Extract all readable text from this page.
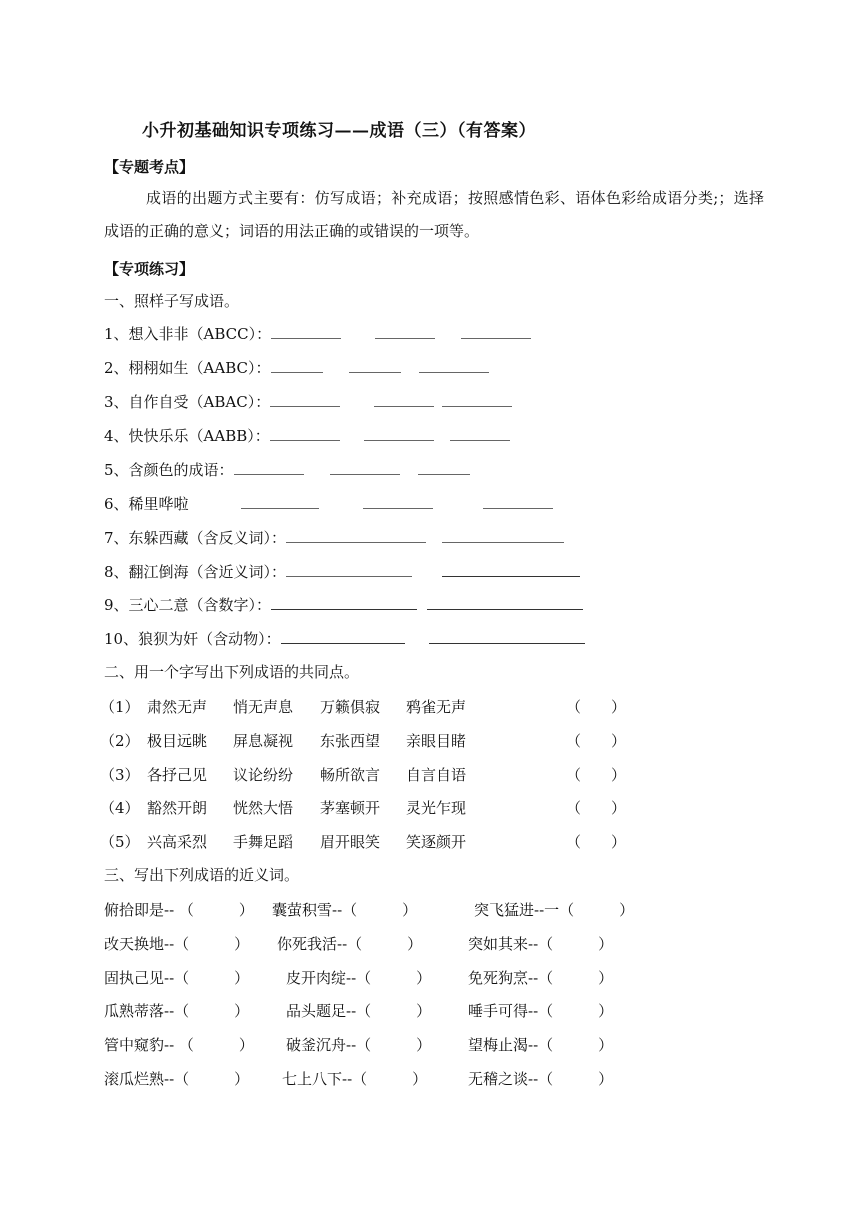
小升初基础知识专项练习——成语（三）（有答案）
【专题考点】
成语的出题方式主要有：仿写成语；补充成语；按照感情色彩、语体色彩给成语分类;；选择成语的正确的意义；词语的用法正确的或错误的一项等。
【专项练习】
一、照样子写成语。
1、想入非非（ABCC）：
2、栩栩如生（AABC）：
3、自作自受（ABAC）：
4、快快乐乐（AABB）：
5、含颜色的成语：
6、稀里哗啦
7、东躲西藏（含反义词）：
8、翻江倒海（含近义词）：
9、三心二意（含数字）：
10、狼狈为奸（含动物）：
二、用一个字写出下列成语的共同点。
（1） 肃然无声 悄无声息 万籁俱寂 鸦雀无声	（　　）
（2） 极目远眺 屏息凝视 东张西望 亲眼目睹	（　　）
（3） 各抒己见 议论纷纷 畅所欲言 自言自语	（　　）
（4） 豁然开朗 恍然大悟 茅塞顿开 灵光乍现	（　　）
（5） 兴高采烈 手舞足蹈 眉开眼笑 笑逐颜开	（　　）
三、写出下列成语的近义词。
俯拾即是-- （　　　） 囊萤积雪--（　　　）	突飞猛进--一（　　　）
改天换地--（　　　） 你死我活--（　　　）	突如其来--（　　　）
固执己见--（　　　） 皮开肉绽--（　　　） 免死狗烹--（　　　）
瓜熟蒂落--（　　　） 品头题足--（　　　） 唾手可得--（　　　）
管中窥豹-- （　　　） 破釜沉舟--（　　　） 望梅止渴--（　　　）
滚瓜烂熟--（　　　） 七上八下--（　　　）	无稽之谈--（　　　）
